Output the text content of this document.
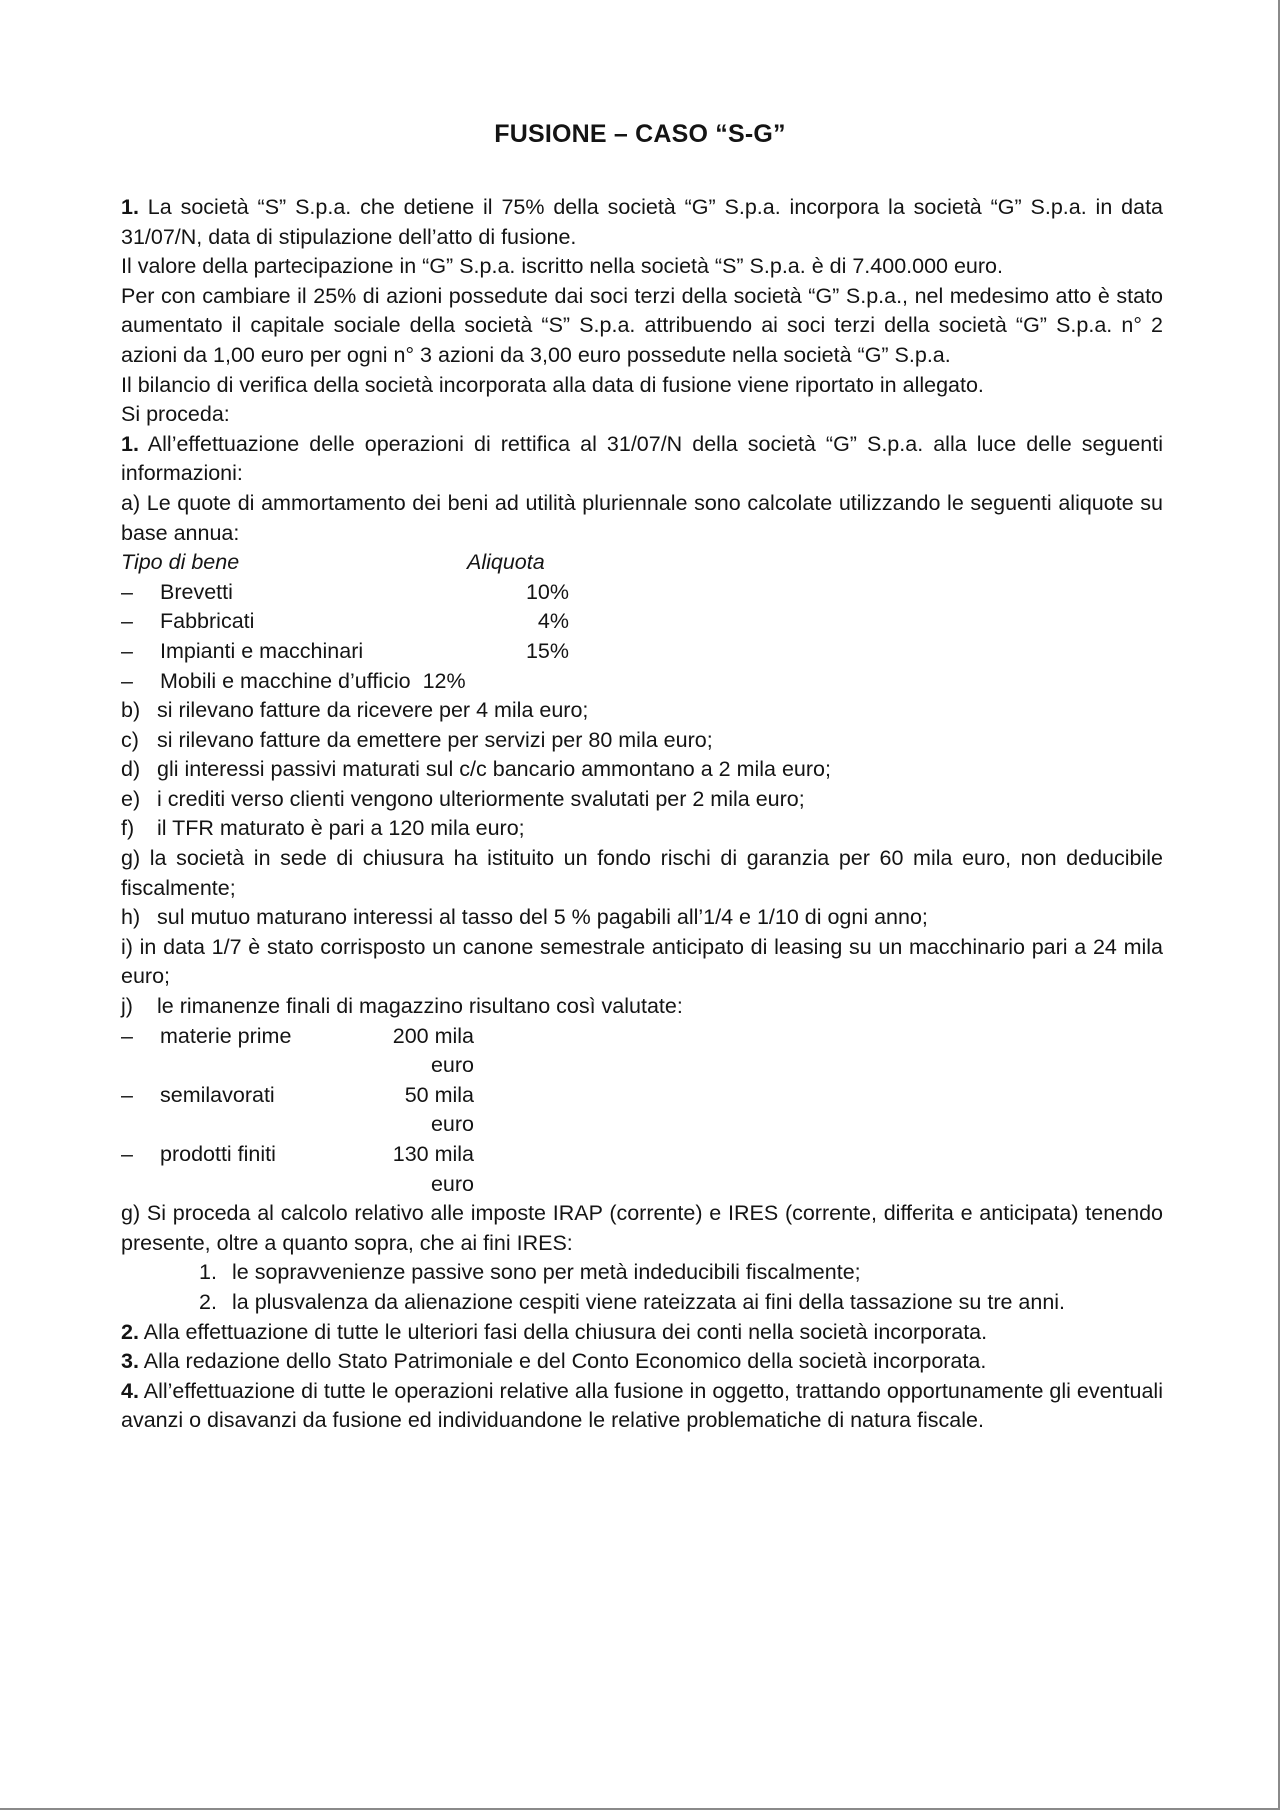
FUSIONE – CASO “S-G”

1. La società “S” S.p.a. che detiene il 75% della società “G” S.p.a. incorpora la società “G” S.p.a. in data 31/07/N, data di stipulazione dell’atto di fusione.

Il valore della partecipazione in “G” S.p.a. iscritto nella società “S” S.p.a. è di 7.400.000 euro.

Per con cambiare il 25% di azioni possedute dai soci terzi della società “G” S.p.a., nel medesimo atto è stato aumentato il capitale sociale della società “S” S.p.a. attribuendo ai soci terzi della società “G” S.p.a. n° 2 azioni da 1,00 euro per ogni n° 3 azioni da 3,00 euro possedute nella società “G” S.p.a.

Il bilancio di verifica della società incorporata alla data di fusione viene riportato in allegato.

Si proceda:

1. All’effettuazione delle operazioni di rettifica al 31/07/N della società “G” S.p.a. alla luce delle seguenti informazioni:

a) Le quote di ammortamento dei beni ad utilità pluriennale sono calcolate utilizzando le seguenti aliquote su base annua:

Tipo di bene	Aliquota
–	Brevetti	10%
–	Fabbricati	4%
–	Impianti e macchinari	15%
–	Mobili e macchine d’ufficio 12%
b) si rilevano fatture da ricevere per 4 mila euro;
c) si rilevano fatture da emettere per servizi per 80 mila euro;
d) gli interessi passivi maturati sul c/c bancario ammontano a 2 mila euro;
e) i crediti verso clienti vengono ulteriormente svalutati per 2 mila euro;
f)	il TFR maturato è pari a 120 mila euro;

g) la società in sede di chiusura ha istituito un fondo rischi di garanzia per 60 mila euro, non deducibile fiscalmente;

h) sul mutuo maturano interessi al tasso del 5 % pagabili all’1/4 e 1/10 di ogni anno;

i) in data 1/7 è stato corrisposto un canone semestrale anticipato di leasing su un macchinario pari a 24 mila euro;

j)	le rimanenze finali di magazzino risultano così valutate:
–	materie prime	200 mila euro
–	semilavorati	50 mila euro
–	prodotti finiti	130 mila euro

g) Si proceda al calcolo relativo alle imposte IRAP (corrente) e IRES (corrente, differita e anticipata) tenendo presente, oltre a quanto sopra, che ai fini IRES:

1. le sopravvenienze passive sono per metà indeducibili fiscalmente;
2. la plusvalenza da alienazione cespiti viene rateizzata ai fini della tassazione su tre anni.

2. Alla effettuazione di tutte le ulteriori fasi della chiusura dei conti nella società incorporata.

3. Alla redazione dello Stato Patrimoniale e del Conto Economico della società incorporata.

4. All’effettuazione di tutte le operazioni relative alla fusione in oggetto, trattando opportunamente gli eventuali avanzi o disavanzi da fusione ed individuandone le relative problematiche di natura fiscale.
